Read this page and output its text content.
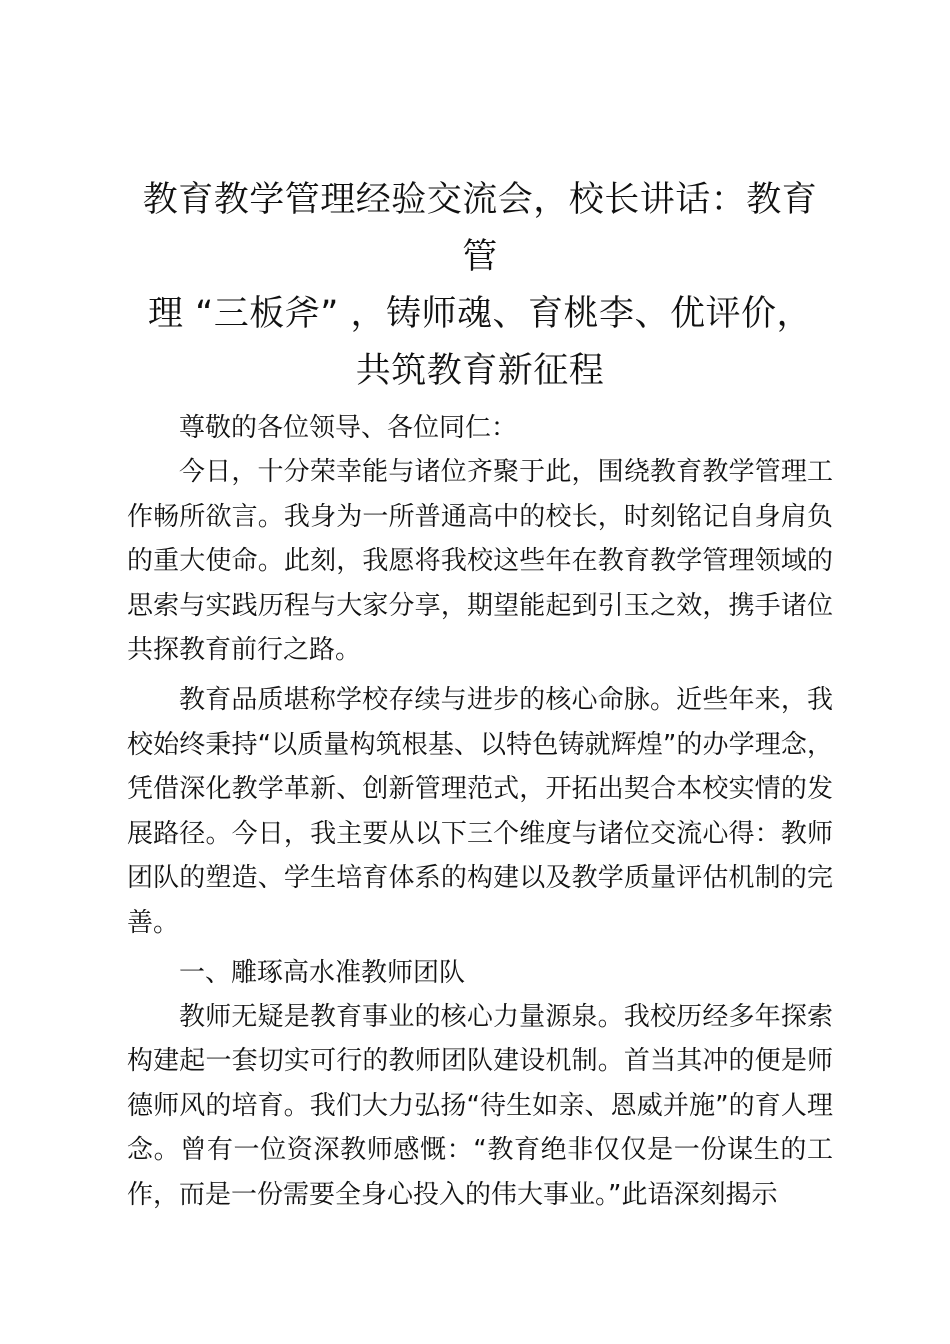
教育教学管理经验交流会，校长讲话：教育管
理 “三板斧” ，铸师魂、育桃李、优评价，
共筑教育新征程

尊敬的各位领导、各位同仁：

今日，十分荣幸能与诸位齐聚于此，围绕教育教学管理工作畅所欲言。我身为一所普通高中的校长，时刻铭记自身肩负的重大使命。此刻，我愿将我校这些年在教育教学管理领域的思索与实践历程与大家分享，期望能起到引玉之效，携手诸位共探教育前行之路。

教育品质堪称学校存续与进步的核心命脉。近些年来，我校始终秉持“以质量构筑根基、以特色铸就辉煌”的办学理念，凭借深化教学革新、创新管理范式，开拓出契合本校实情的发展路径。今日，我主要从以下三个维度与诸位交流心得：教师团队的塑造、学生培育体系的构建以及教学质量评估机制的完善。

一、雕琢高水准教师团队

教师无疑是教育事业的核心力量源泉。我校历经多年探索构建起一套切实可行的教师团队建设机制。首当其冲的便是师德师风的培育。我们大力弘扬“待生如亲、恩威并施”的育人理念。曾有一位资深教师感慨：“教育绝非仅仅是一份谋生的工作，而是一份需要全身心投入的伟大事业。”此语深刻揭示
